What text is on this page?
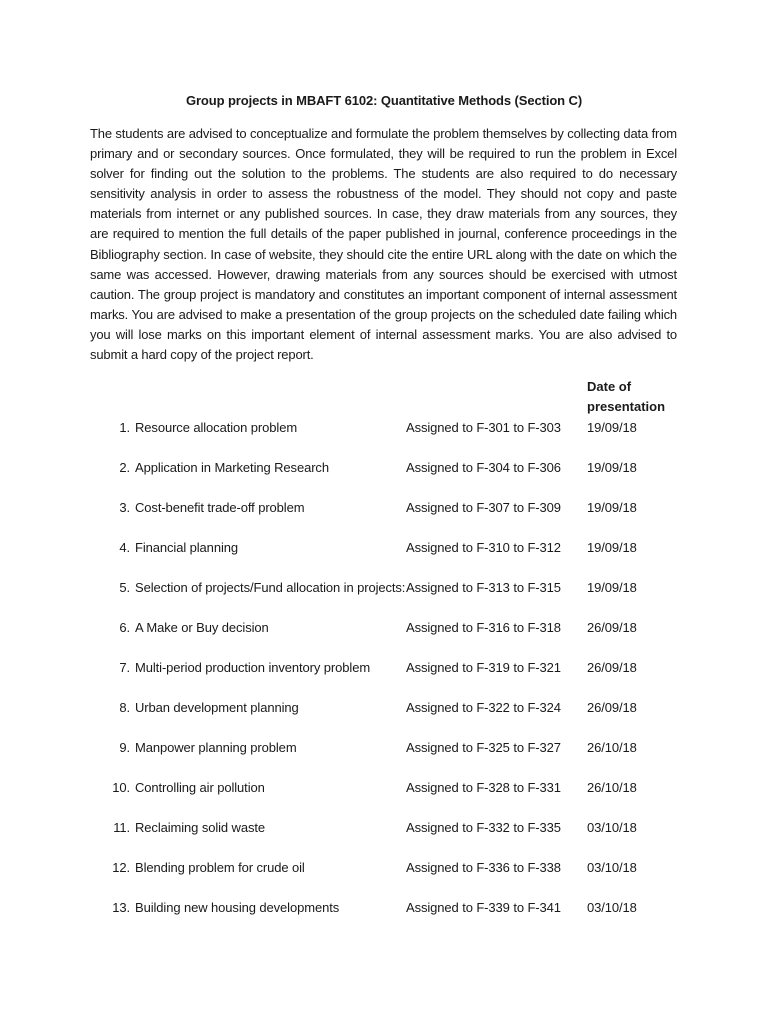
Group projects in MBAFT 6102: Quantitative Methods (Section C)

The students are advised to conceptualize and formulate the problem themselves by collecting data from primary and or secondary sources. Once formulated, they will be required to run the problem in Excel solver for finding out the solution to the problems. The students are also required to do necessary sensitivity analysis in order to assess the robustness of the model. They should not copy and paste materials from internet or any published sources. In case, they draw materials from any sources, they are required to mention the full details of the paper published in journal, conference proceedings in the Bibliography section. In case of website, they should cite the entire URL along with the date on which the same was accessed. However, drawing materials from any sources should be exercised with utmost caution. The group project is mandatory and constitutes an important component of internal assessment marks. You are advised to make a presentation of the group projects on the scheduled date failing which you will lose marks on this important element of internal assessment marks. You are also advised to submit a hard copy of the project report.

Date of
presentation
1. Resource allocation problem	Assigned to F-301 to F-303 19/09/18
2. Application in Marketing Research	Assigned to F-304 to F-306 19/09/18
3. Cost-benefit trade-off problem	Assigned to F-307 to F-309 19/09/18
4. Financial planning	Assigned to F-310 to F-312 19/09/18
5. Selection of projects/Fund allocation in projects: Assigned to F-313 to F-315 19/09/18
6. A Make or Buy decision	Assigned to F-316 to F-318 26/09/18
7. Multi-period production inventory problem	Assigned to F-319 to F-321 26/09/18
8. Urban development planning	Assigned to F-322 to F-324 26/09/18
9. Manpower planning problem	Assigned to F-325 to F-327 26/10/18
10. Controlling air pollution	Assigned to F-328 to F-331 26/10/18
11. Reclaiming solid waste	Assigned to F-332 to F-335 03/10/18
12. Blending problem for crude oil	Assigned to F-336 to F-338 03/10/18
13. Building new housing developments	Assigned to F-339 to F-341 03/10/18
